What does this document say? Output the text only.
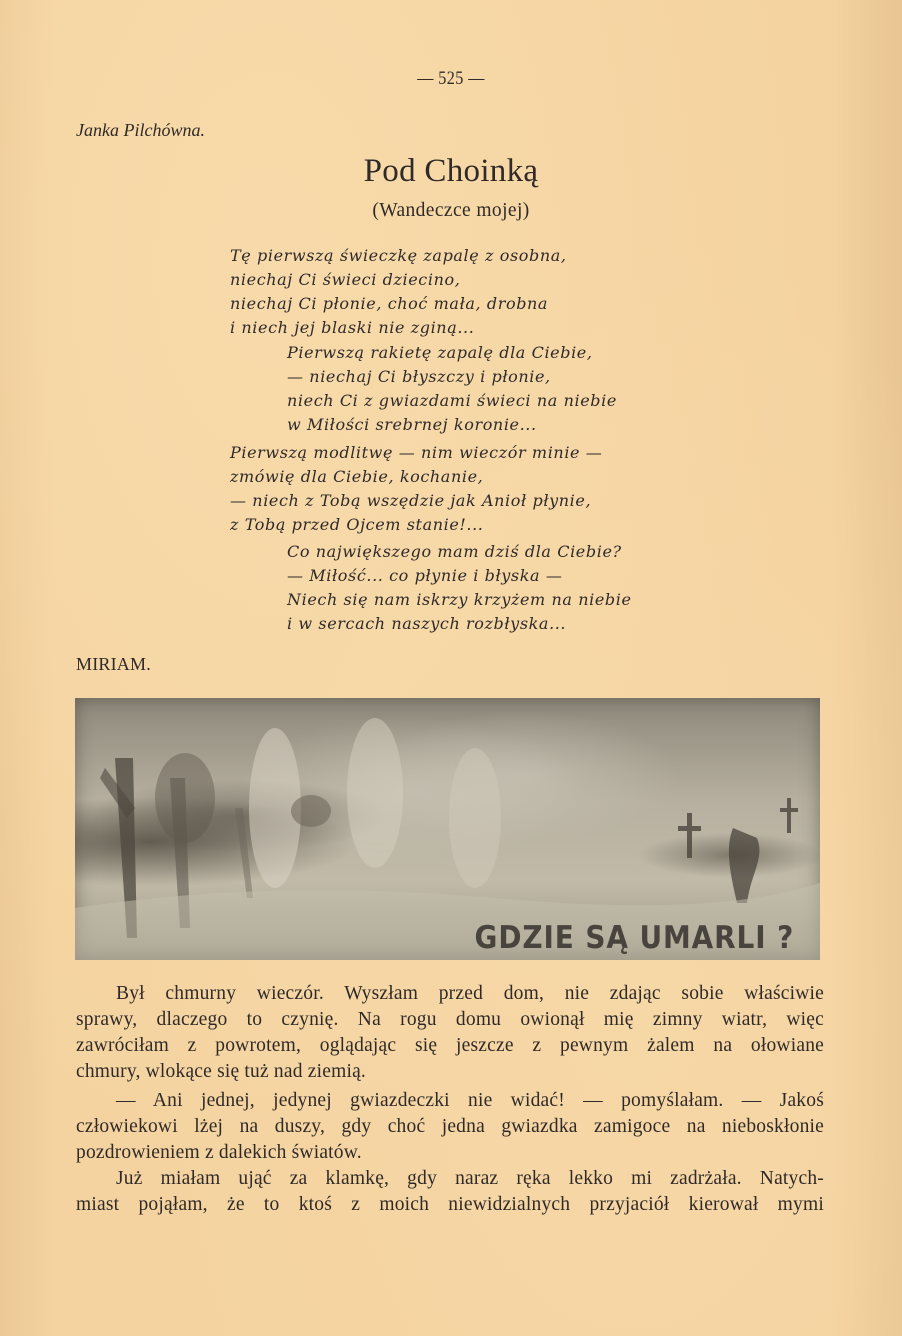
— 525 —
Janka Pilchówna.
Pod Choinką
(Wandeczce mojej)
Tę pierwszą świeczkę zapalę z osobna,
niechaj Ci świeci dziecino,
niechaj Ci płonie, choć mała, drobna
i niech jej blaski nie zginą...
Pierwszą rakietę zapalę dla Ciebie,
— niechaj Ci błyszczy i płonie,
niech Ci z gwiazdami świeci na niebie
w Miłości srebrnej koronie...
Pierwszą modlitwę — nim wieczór minie —
zmówię dla Ciebie, kochanie,
— niech z Tobą wszędzie jak Anioł płynie,
z Tobą przed Ojcem stanie!...
Co największego mam dziś dla Ciebie?
— Miłość... co płynie i błyska —
Niech się nam iskrzy krzyżem na niebie
i w sercach naszych rozbłyska...
MIRIAM.
GDZIE SĄ UMARLI ?
Był chmurny wieczór. Wyszłam przed dom, nie zdając sobie właściwie
sprawy, dlaczego to czynię. Na rogu domu owionął mię zimny wiatr, więc
zawróciłam z powrotem, oglądając się jeszcze z pewnym żalem na ołowiane
chmury, wlokące się tuż nad ziemią.
— Ani jednej, jedynej gwiazdeczki nie widać! — pomyślałam. — Jakoś
człowiekowi lżej na duszy, gdy choć jedna gwiazdka zamigoce na nieboskłonie
pozdrowieniem z dalekich światów.
Już miałam ująć za klamkę, gdy naraz ręka lekko mi zadrżała. Natych-
miast pojąłam, że to ktoś z moich niewidzialnych przyjaciół kierował mymi
